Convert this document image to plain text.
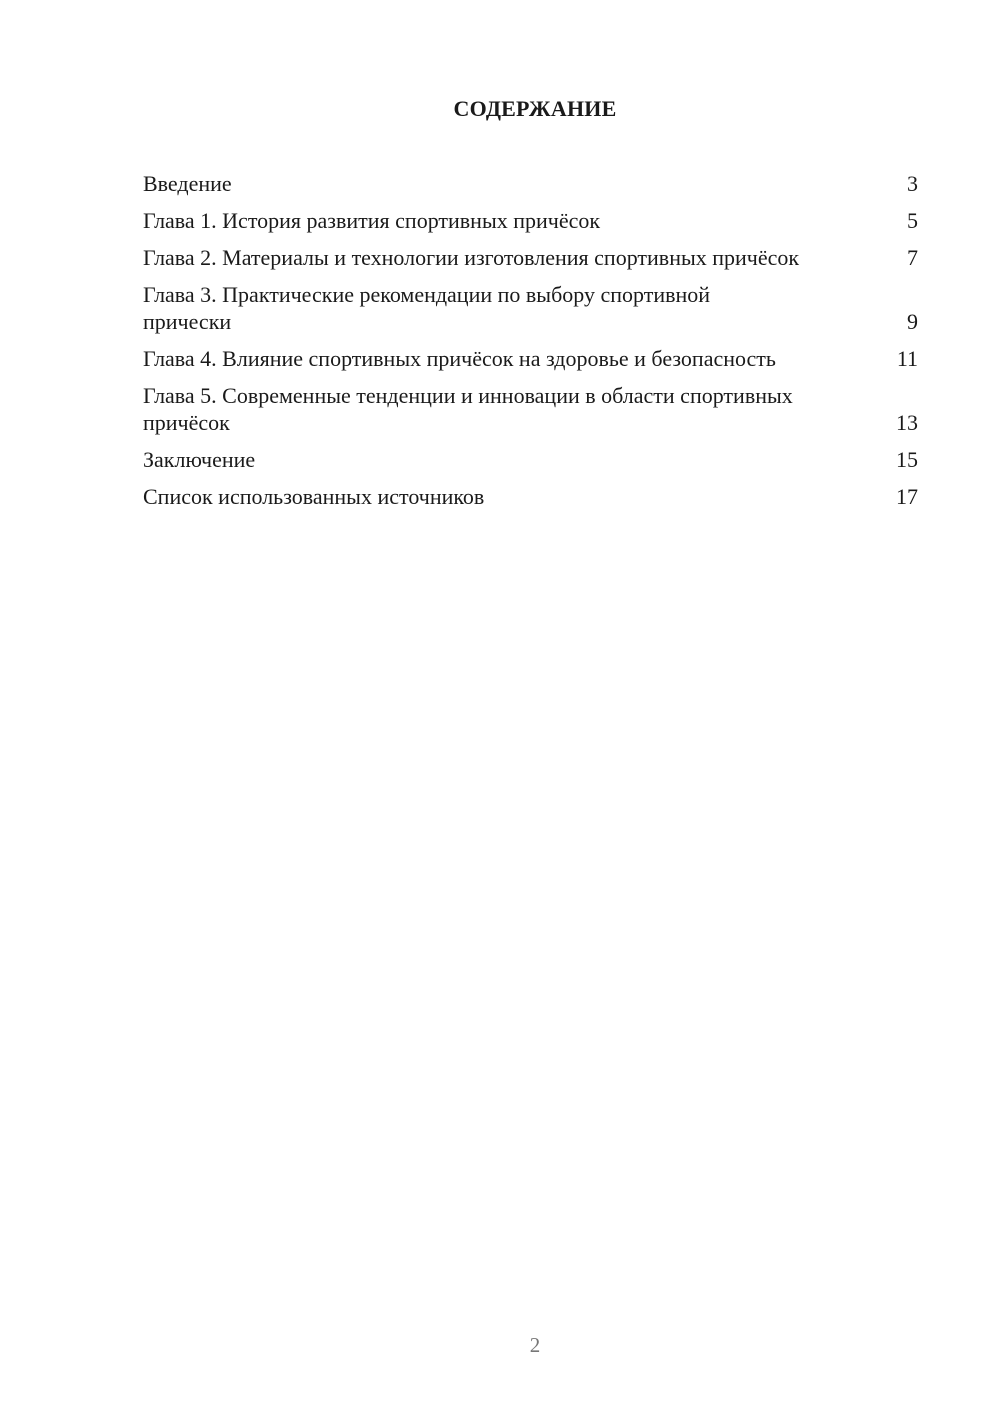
СОДЕРЖАНИЕ
Введение	3
Глава 1. История развития спортивных причёсок	5
Глава 2. Материалы и технологии изготовления спортивных причёсок	7
Глава 3. Практические рекомендации по выбору спортивной прически	9
Глава 4. Влияние спортивных причёсок на здоровье и безопасность	11
Глава 5. Современные тенденции и инновации в области спортивных причёсок	13
Заключение	15
Список использованных источников	17
2
